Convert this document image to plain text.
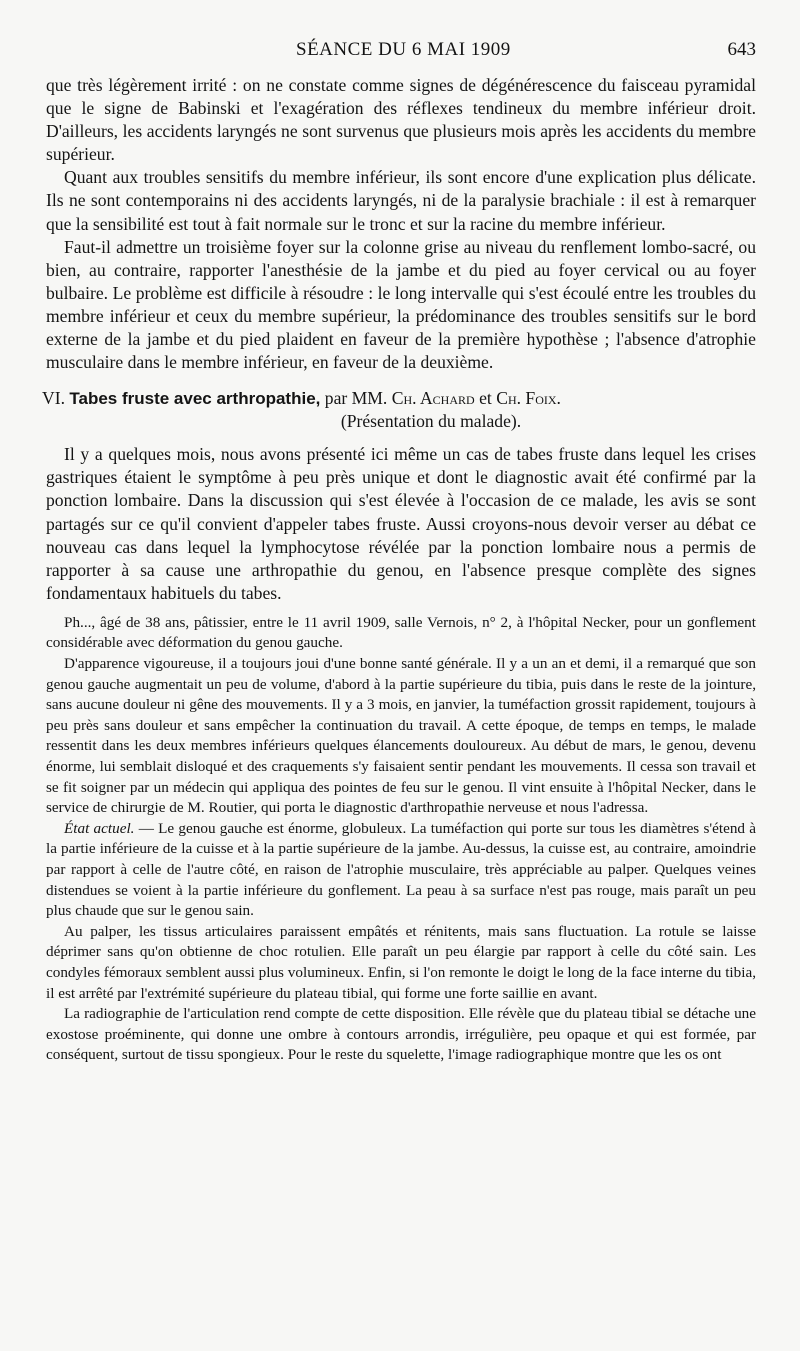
SÉANCE DU 6 MAI 1909	643

que très légèrement irrité : on ne constate comme signes de dégénérescence du faisceau pyramidal que le signe de Babinski et l'exagération des réflexes tendineux du membre inférieur droit. D'ailleurs, les accidents laryngés ne sont survenus que plusieurs mois après les accidents du membre supérieur.

Quant aux troubles sensitifs du membre inférieur, ils sont encore d'une explication plus délicate. Ils ne sont contemporains ni des accidents laryngés, ni de la paralysie brachiale : il est à remarquer que la sensibilité est tout à fait normale sur le tronc et sur la racine du membre inférieur.

Faut-il admettre un troisième foyer sur la colonne grise au niveau du renflement lombo-sacré, ou bien, au contraire, rapporter l'anesthésie de la jambe et du pied au foyer cervical ou au foyer bulbaire. Le problème est difficile à résoudre : le long intervalle qui s'est écoulé entre les troubles du membre inférieur et ceux du membre supérieur, la prédominance des troubles sensitifs sur le bord externe de la jambe et du pied plaident en faveur de la première hypothèse ; l'absence d'atrophie musculaire dans le membre inférieur, en faveur de la deuxième.

VI. Tabes fruste avec arthropathie, par MM. Ch. Achard et Ch. Foix.
(Présentation du malade).

Il y a quelques mois, nous avons présenté ici même un cas de tabes fruste dans lequel les crises gastriques étaient le symptôme à peu près unique et dont le diagnostic avait été confirmé par la ponction lombaire. Dans la discussion qui s'est élevée à l'occasion de ce malade, les avis se sont partagés sur ce qu'il convient d'appeler tabes fruste. Aussi croyons-nous devoir verser au débat ce nouveau cas dans lequel la lymphocytose révélée par la ponction lombaire nous a permis de rapporter à sa cause une arthropathie du genou, en l'absence presque complète des signes fondamentaux habituels du tabes.

Ph..., âgé de 38 ans, pâtissier, entre le 11 avril 1909, salle Vernois, n° 2, à l'hôpital Necker, pour un gonflement considérable avec déformation du genou gauche.

D'apparence vigoureuse, il a toujours joui d'une bonne santé générale. Il y a un an et demi, il a remarqué que son genou gauche augmentait un peu de volume, d'abord à la partie supérieure du tibia, puis dans le reste de la jointure, sans aucune douleur ni gêne des mouvements. Il y a 3 mois, en janvier, la tuméfaction grossit rapidement, toujours à peu près sans douleur et sans empêcher la continuation du travail. A cette époque, de temps en temps, le malade ressentit dans les deux membres inférieurs quelques élancements douloureux. Au début de mars, le genou, devenu énorme, lui semblait disloqué et des craquements s'y faisaient sentir pendant les mouvements. Il cessa son travail et se fit soigner par un médecin qui appliqua des pointes de feu sur le genou. Il vint ensuite à l'hôpital Necker, dans le service de chirurgie de M. Routier, qui porta le diagnostic d'arthropathie nerveuse et nous l'adressa.

État actuel. — Le genou gauche est énorme, globuleux. La tuméfaction qui porte sur tous les diamètres s'étend à la partie inférieure de la cuisse et à la partie supérieure de la jambe. Au-dessus, la cuisse est, au contraire, amoindrie par rapport à celle de l'autre côté, en raison de l'atrophie musculaire, très appréciable au palper. Quelques veines distendues se voient à la partie inférieure du gonflement. La peau à sa surface n'est pas rouge, mais paraît un peu plus chaude que sur le genou sain.

Au palper, les tissus articulaires paraissent empâtés et rénitents, mais sans fluctuation. La rotule se laisse déprimer sans qu'on obtienne de choc rotulien. Elle paraît un peu élargie par rapport à celle du côté sain. Les condyles fémoraux semblent aussi plus volumineux. Enfin, si l'on remonte le doigt le long de la face interne du tibia, il est arrêté par l'extrémité supérieure du plateau tibial, qui forme une forte saillie en avant.

La radiographie de l'articulation rend compte de cette disposition. Elle révèle que du plateau tibial se détache une exostose proéminente, qui donne une ombre à contours arrondis, irrégulière, peu opaque et qui est formée, par conséquent, surtout de tissu spongieux. Pour le reste du squelette, l'image radiographique montre que les os ont
